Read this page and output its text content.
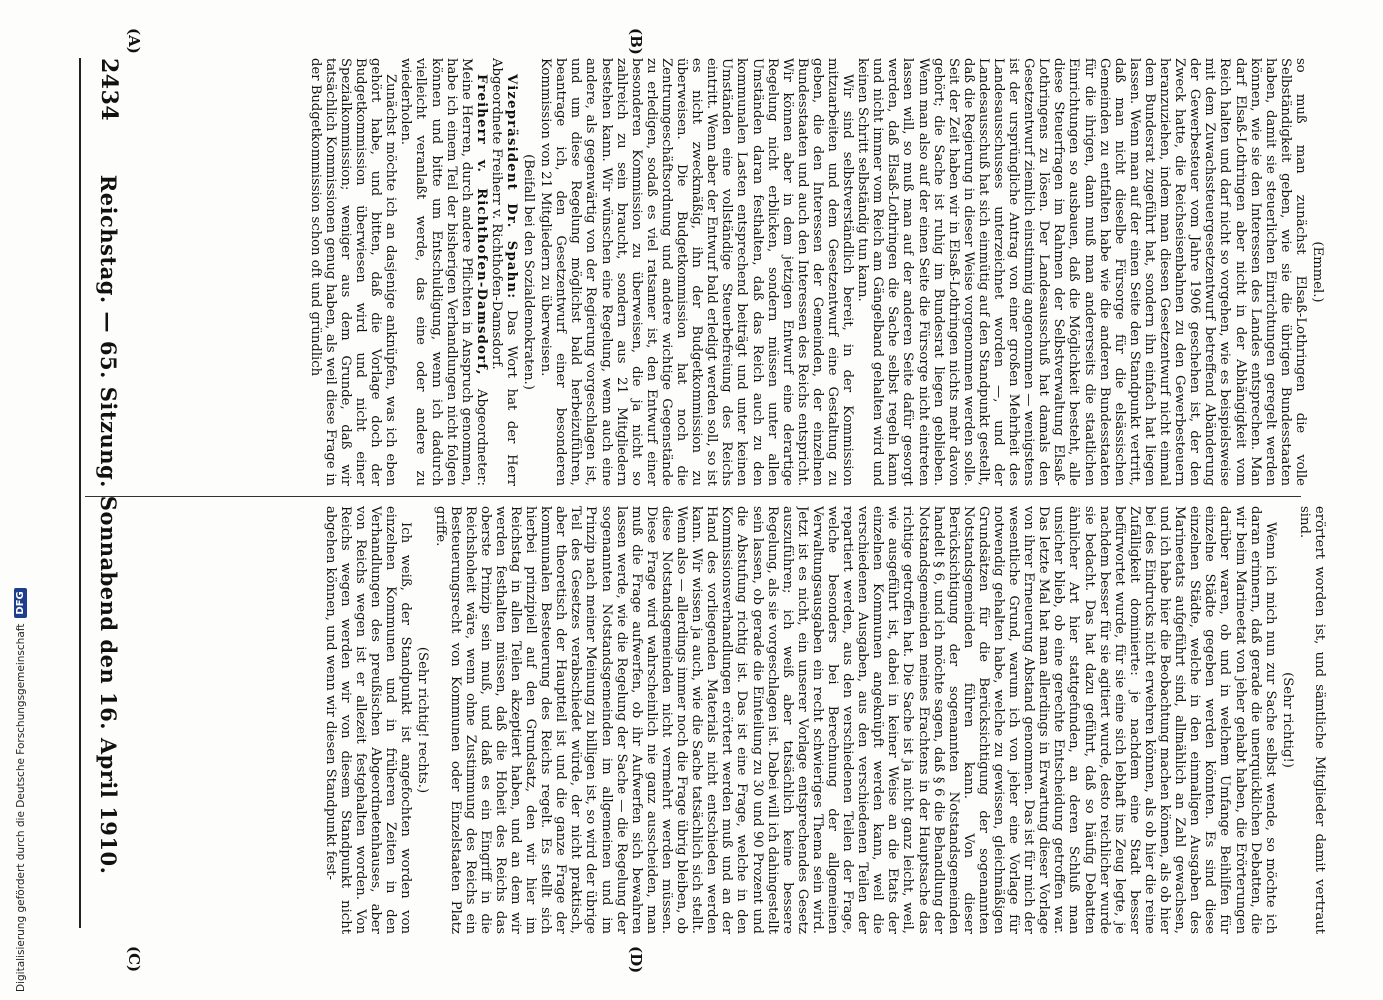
2434
Reichstag. — 65. Sitzung. Sonnabend den 16. April 1910.
(A)	(B)
(C)	(D)

(Emmel.)

so muß man zunächst Elsaß-Lothringen die volle Selbständigkeit geben, wie sie die übrigen Bundesstaaten haben, damit sie steuerlichen Einrichtungen geregelt werden können, wie sie den Interessen des Landes entsprechen. Man darf Elsaß-Lothringen aber nicht in der Abhängigkeit vom Reich halten und darf nicht so vorgehen, wie es beispielsweise mit dem Zuwachssteuergesetzentwurf betreffend Abänderung der Gewerbesteuer vom Jahre 1906 geschehen ist, der den Zweck hatte, die Reichseisenbahnen zu den Gewerbesteuern heranzuziehen, indem man diesen Gesetzentwurf nicht einmal dem Bundesrat zugeführt hat, sondern ihn einfach hat liegen lassen. Wenn man auf der einen Seite den Standpunkt vertritt, daß man nicht dieselbe Fürsorge für die elsässischen Gemeinden zu entfalten habe wie die anderen Bundesstaaten für die ihrigen, dann muß man andererseits die staatlichen Einrichtungen so ausbauen, daß die Möglichkeit besteht, alle diese Steuerfragen im Rahmen der Selbstverwaltung Elsaß-Lothringens zu lösen. Der Landesausschuß hat damals den Gesetzentwurf ziemlich einstimmig angenommen — wenigstens ist der ursprüngliche Antrag von einer großen Mehrheit des Landesausschusses unterzeichnet worden —, und der Landesausschuß hat sich einmütig auf den Standpunkt gestellt, daß die Regierung in dieser Weise vorgenommen werden solle. Seit der Zeit haben wir in Elsaß-Lothringen nichts mehr davon gehört; die Sache ist ruhig im Bundesrat liegen geblieben. Wenn man also auf der einen Seite die Fürsorge nicht eintreten lassen will, so muß man auf der anderen Seite dafür gesorgt werden, daß Elsaß-Lothringen die Sache selbst regeln kann und nicht immer vom Reich am Gängelband gehalten wird und keinen Schritt selbständig tun kann.

Wir sind selbstverständlich bereit, in der Kommission mitzuarbeiten und dem Gesetzentwurf eine Gestaltung zu geben, die den Interessen der Gemeinden, der einzelnen Bundesstaaten und auch den Interessen des Reichs entspricht. Wir können aber in dem jetzigen Entwurf eine derartige Regelung nicht erblicken, sondern müssen unter allen Umständen daran festhalten, daß das Reich auch zu den kommunalen Lasten entsprechend beiträgt und unter keinen Umständen eine vollständige Steuerbefreiung des Reichs eintritt. Wenn aber der Entwurf bald erledigt werden soll, so ist es nicht zweckmäßig, ihn der Budgetkommission zu überweisen. Die Budgetkommission hat noch die Zentrumgeschäftsordnung und andere wichtige Gegenstände zu erledigen, sodaß es viel ratsamer ist, den Entwurf einer besonderen Kommission zu überweisen, die ja nicht so zahlreich zu sein braucht, sondern aus 21 Mitgliedern bestehen kann. Wir wünschen eine Regelung, wenn auch eine andere, als gegenwärtig von der Regierung vorgeschlagen ist, und um diese Regelung möglichst bald herbeizuführen, beantrage ich, den Gesetzentwurf einer besonderen Kommission von 21 Mitgliedern zu überweisen.

(Beifall bei den Sozialdemokraten.)

Vizepräsident Dr. Spahn: Das Wort hat der Herr Abgeordnete Freiherr v. Richthofen-Damsdorf.

Freiherr v. Richthofen-Damsdorf, Abgeordneter: Meine Herren, durch andere Pflichten in Anspruch genommen, habe ich einem Teil der bisherigen Verhandlungen nicht folgen können und bitte um Entschuldigung, wenn ich dadurch vielleicht veranlaßt werde, das eine oder andere zu wiederholen.

Zunächst möchte ich an dasjenige anknüpfen, was ich eben gehört habe, und bitten, daß die Vorlage doch der Budgetkommission überwiesen wird und nicht einer Spezialkommission; weniger aus dem Grunde, daß wir tatsächlich Kommissionen genug haben, als weil diese Frage in der Budgetkommission schon oft und gründlich

erörtert worden ist, und sämtliche Mitglieder damit vertraut sind.

(Sehr richtig!)

Wenn ich mich nun zur Sache selbst wende, so möchte ich daran erinnern, daß gerade die unerquicklichen Debatten, die wir beim Marineetat von jeher gehabt haben, die Erörterungen darüber waren, ob und in welchem Umfange Beihilfen für einzelne Städte gegeben werden könnten. Es sind diese einzelnen Städte, welche in den einmaligen Ausgaben des Marineetats aufgeführt sind, allmählich an Zahl gewachsen, und ich habe hier die Beobachtung machen können, als ob hier bei des Eindrucks nicht erwehren können, als ob hier die reine Zufälligkeit dominierte: je nachdem eine Stadt besser befürwortet wurde, für sie eine sich lebhaft ins Zeug legte, je nachdem besser für sie agitiert wurde, desto reichlicher wurde sie bedacht. Das hat dazu geführt, daß so häufig Debatten ähnlicher Art hier stattgefunden, an deren Schluß man unsicher blieb, ob eine gerechte Entscheidung getroffen war. Das letzte Mal hat man allerdings in Erwartung dieser Vorlage von ihrer Erneuerung Abstand genommen. Das ist für mich der wesentliche Grund, warum ich von jeher eine Vorlage für notwendig gehalten habe, welche zu gewissen, gleichmäßigen Grundsätzen für die Berücksichtigung der sogenannten Notstandsgemeinden führen kann. Von dieser Berücksichtigung der sogenannten Notstandsgemeinden handelt § 6, und ich möchte sagen, daß § 6 die Behandlung der Notstandsgemeinden meines Erachtens in der Hauptsache das richtige getroffen hat. Die Sache ist ja nicht ganz leicht, weil, wie ausgeführt ist, dabei in keiner Weise an die Etats der einzelnen Kommunen angeknüpft werden kann, weil die verschiedenen Ausgaben, aus den verschiedenen Teilen der repartiert werden, aus den verschiedenen Teilen der Frage, welche besonders bei Berechnung der allgemeinen Verwaltungsausgaben ein recht schwieriges Thema sein wird. Jetzt ist es nicht, ein unserer Vorlage entsprechendes Gesetz auszuführen; ich weiß aber tatsächlich keine bessere Regelung, als sie vorgeschlagen ist. Dabei will ich dahingestellt sein lassen, ob gerade die Einteilung zu 30 und 90 Prozent und die Abstufung richtig ist. Das ist eine Frage, welche in den Kommissionsverhandlungen erörtert werden muß und an der Hand des vorliegenden Materials nicht entschieden werden kann. Wir wissen ja auch, wie die Sache tatsächlich sich stellt. Wenn also — allerdings immer noch die Frage übrig bleiben, ob diese Notstandsgemeinden nicht vermehrt werden müssen. Diese Frage wird wahrscheinlich nie ganz ausscheiden, man muß die Frage aufwerfen, ob ihr Aufwerfen sich bewahren lassen werde, wie die Regelung der Sache — die Regelung der sogenannten Notstandsgemeinden im allgemeinen und im Prinzip nach meiner Meinung zu billigen ist, so wird der übrige Teil des Gesetzes verabschiedet würde, der nicht praktisch, aber theoretisch der Hauptteil ist und die ganze Frage der kommunalen Besteuerung des Reichs regelt. Es stellt sich hierbei prinzipiell auf den Grundsatz, den wir hier im Reichstag in allen Teilen akzeptiert haben, und an dem wir werden festhalten müssen, daß die Hoheit des Reichs das oberste Prinzip sein muß, und daß es ein Eingriff in die Reichshoheit wäre, wenn ohne Zustimmung des Reichs ein Besteuerungsrecht von Kommunen oder Einzelstaaten Platz griffe.

(Sehr richtig! rechts.)

Ich weiß, der Standpunkt ist angefochten worden von einzelnen Kommunen und in früheren Zeiten in den Verhandlungen des preußischen Abgeordnetenhauses, aber von Reichs wegen ist er allezeit festgehalten worden. Von Reichs wegen werden wir von diesem Standpunkt nicht abgehen können, und wenn wir diesen Standpunkt fest-

Digitalisierung gefördert durch die Deutsche Forschungsgemeinschaft
DFG
